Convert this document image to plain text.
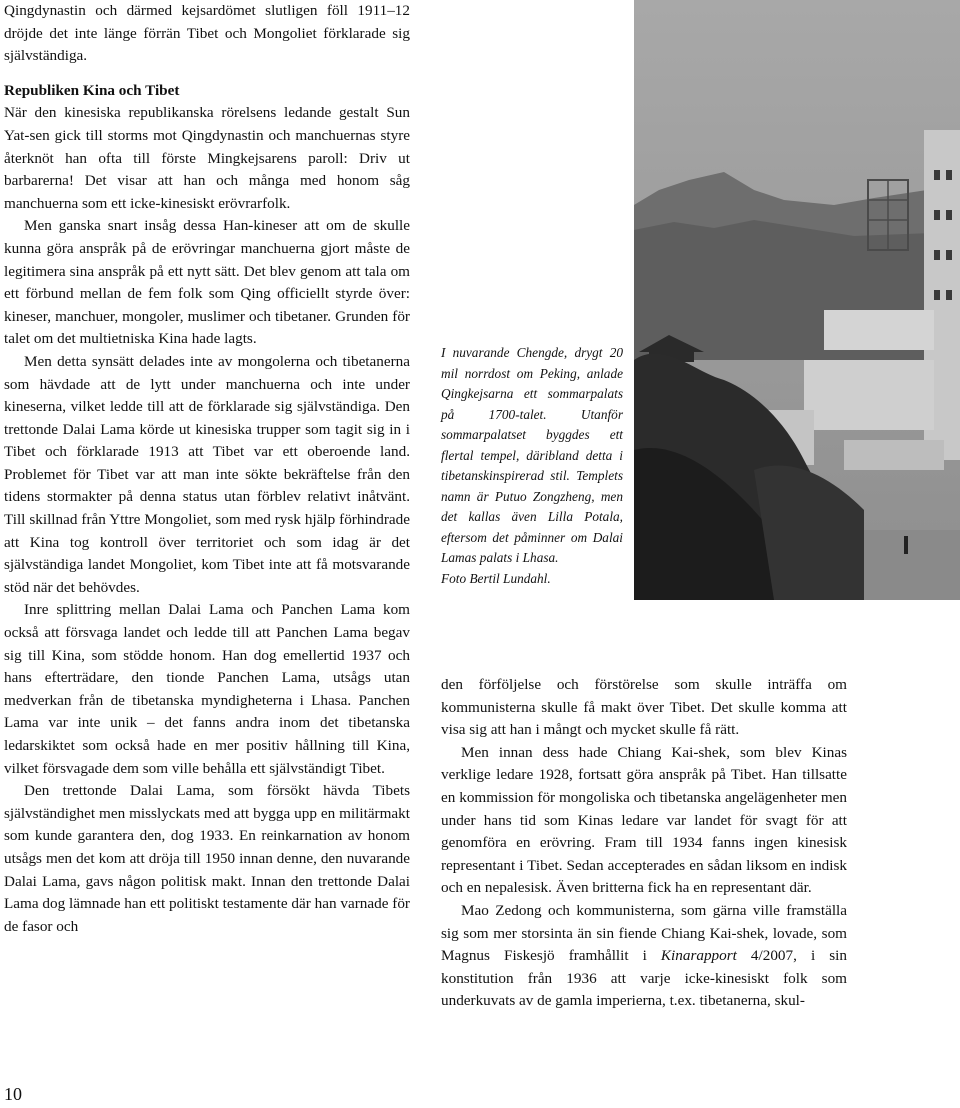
Qingdynastin och därmed kejsardömet slutligen föll 1911–12 dröjde det inte länge förrän Tibet och Mongoliet förklarade sig självständiga.

Republiken Kina och Tibet

När den kinesiska republikanska rörelsens ledande gestalt Sun Yat-sen gick till storms mot Qingdynastin och manchuernas styre återknöt han ofta till förste Mingkejsarens paroll: Driv ut barbarerna! Det visar att han och många med honom såg manchuerna som ett icke-kinesiskt erövrarfolk.

Men ganska snart insåg dessa Han-kineser att om de skulle kunna göra anspråk på de erövringar manchuerna gjort måste de legitimera sina anspråk på ett nytt sätt. Det blev genom att tala om ett förbund mellan de fem folk som Qing officiellt styrde över: kineser, manchuer, mongoler, muslimer och tibetaner. Grunden för talet om det multietniska Kina hade lagts.

Men detta synsätt delades inte av mongolerna och tibetanerna som hävdade att de lytt under manchuerna och inte under kineserna, vilket ledde till att de förklarade sig självständiga. Den trettonde Dalai Lama körde ut kinesiska trupper som tagit sig in i Tibet och förklarade 1913 att Tibet var ett oberoende land. Problemet för Tibet var att man inte sökte bekräftelse från den tidens stormakter på denna status utan förblev relativt inåtvänt. Till skillnad från Yttre Mongoliet, som med rysk hjälp förhindrade att Kina tog kontroll över territoriet och som idag är det självständiga landet Mongoliet, kom Tibet inte att få motsvarande stöd när det behövdes.

Inre splittring mellan Dalai Lama och Panchen Lama kom också att försvaga landet och ledde till att Panchen Lama begav sig till Kina, som stödde honom. Han dog emellertid 1937 och hans efterträdare, den tionde Panchen Lama, utsågs utan medverkan från de tibetanska myndigheterna i Lhasa. Panchen Lama var inte unik – det fanns andra inom det tibetanska ledarskiktet som också hade en mer positiv hållning till Kina, vilket försvagade dem som ville behålla ett självständigt Tibet.

Den trettonde Dalai Lama, som försökt hävda Tibets självständighet men misslyckats med att bygga upp en militärmakt som kunde garantera den, dog 1933. En reinkarnation av honom utsågs men det kom att dröja till 1950 innan denne, den nuvarande Dalai Lama, gavs någon politisk makt. Innan den trettonde Dalai Lama dog lämnade han ett politiskt testamente där han varnade för de fasor och

I nuvarande Chengde, drygt 20 mil norrdost om Peking, anlade Qingkejsarna ett sommarpalats på 1700-talet. Utanför sommarpalatset byggdes ett flertal tempel, däribland detta i tibetanskinspirerad stil. Templets namn är Putuo Zongzheng, men det kallas även Lilla Potala, eftersom det påminner om Dalai Lamas palats i Lhasa.

Foto Bertil Lundahl.

den förföljelse och förstörelse som skulle inträffa om kommunisterna skulle få makt över Tibet. Det skulle komma att visa sig att han i mångt och mycket skulle få rätt.

Men innan dess hade Chiang Kai-shek, som blev Kinas verklige ledare 1928, fortsatt göra anspråk på Tibet. Han tillsatte en kommission för mongoliska och tibetanska angelägenheter men under hans tid som Kinas ledare var landet för svagt för att genomföra en erövring. Fram till 1934 fanns ingen kinesisk representant i Tibet. Sedan accepterades en sådan liksom en indisk och en nepalesisk. Även britterna fick ha en representant där.

Mao Zedong och kommunisterna, som gärna ville framställa sig som mer storsinta än sin fiende Chiang Kai-shek, lovade, som Magnus Fiskesjö framhållit i Kinarapport 4/2007, i sin konstitution från 1936 att varje icke-kinesiskt folk som underkuvats av de gamla imperierna, t.ex. tibetanerna, skul-

10
